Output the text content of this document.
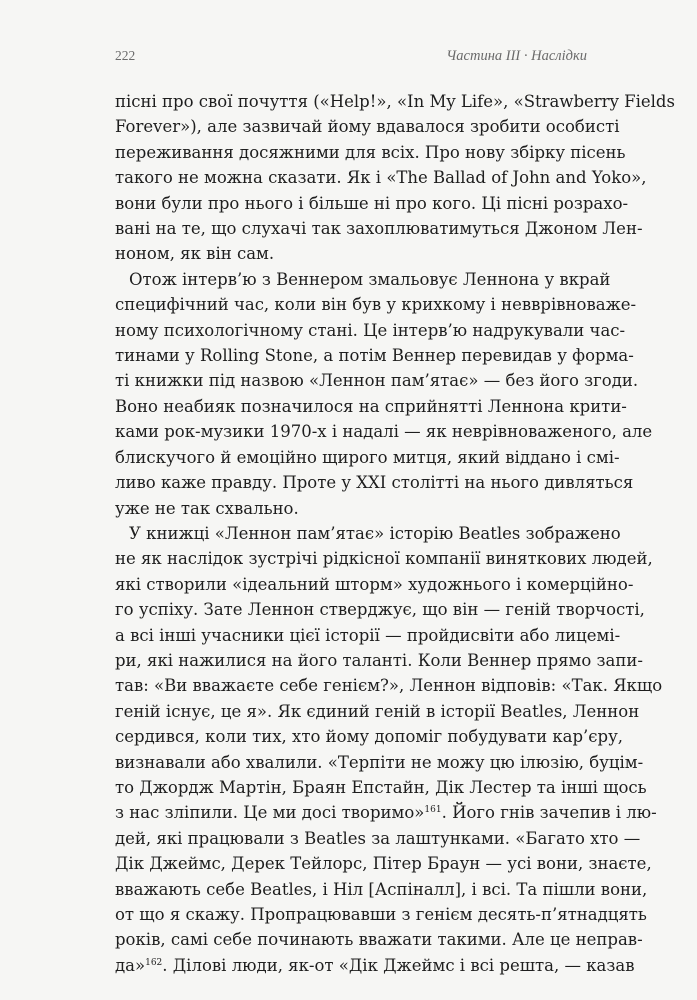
222	Частина III · Наслідки
пісні про свої почуття («Help!», «In My Life», «Strawberry Fields
Forever»), але зазвичай йому вдавалося зробити особисті
переживання досяжними для всіх. Про нову збірку пісень
такого не можна сказати. Як і «The Ballad of John and Yoko»,
вони були про нього і більше ні про кого. Ці пісні розрахо-
вані на те, що слухачі так захоплюватимуться Джоном Лен-
ноном, як він сам.
Отож інтерв’ю з Веннером змальовує Леннона у вкрай
специфічний час, коли він був у крихкому і невврівноваже-
ному психологічному стані. Це інтерв’ю надрукували час-
тинами у Rolling Stone, а потім Веннер перевидав у форма-
ті книжки під назвою «Леннон пам’ятає» — без його згоди.
Воно неабияк позначилося на сприйнятті Леннона крити-
ками рок-музики 1970-х і надалі — як неврівноваженого, але
блискучого й емоційно щирого митця, який віддано і смі-
ливо каже правду. Проте у XXI столітті на нього дивляться
уже не так схвально.
У книжці «Леннон пам’ятає» історію Beatles зображено
не як наслідок зустрічі рідкісної компанії виняткових людей,
які створили «ідеальний шторм» художнього і комерційно-
го успіху. Зате Леннон стверджує, що він — геній творчості,
а всі інші учасники цієї історії — пройдисвіти або лицемі-
ри, які нажилися на його таланті. Коли Веннер прямо запи-
тав: «Ви вважаєте себе генієм?», Леннон відповів: «Так. Якщо
геній існує, це я». Як єдиний геній в історії Beatles, Леннон
сердився, коли тих, хто йому допоміг побудувати кар’єру,
визнавали або хвалили. «Терпіти не можу цю ілюзію, буцім-
то Джордж Мартін, Браян Епстайн, Дік Лестер та інші щось
з нас зліпили. Це ми досі творимо»$^{161}$. Його гнів зачепив і лю-
дей, які працювали з Beatles за лаштунками. «Багато хто —
Дік Джеймс, Дерек Тейлорс, Пітер Браун — усі вони, знаєте,
вважають себе Beatles, і Ніл [Аспіналл], і всі. Та пішли вони,
от що я скажу. Пропрацювавши з генієм десять-п’ятнадцять
років, самі себе починають вважати такими. Але це неправ-
да»$^{162}$. Ділові люди, як-от «Дік Джеймс і всі решта, — казав
